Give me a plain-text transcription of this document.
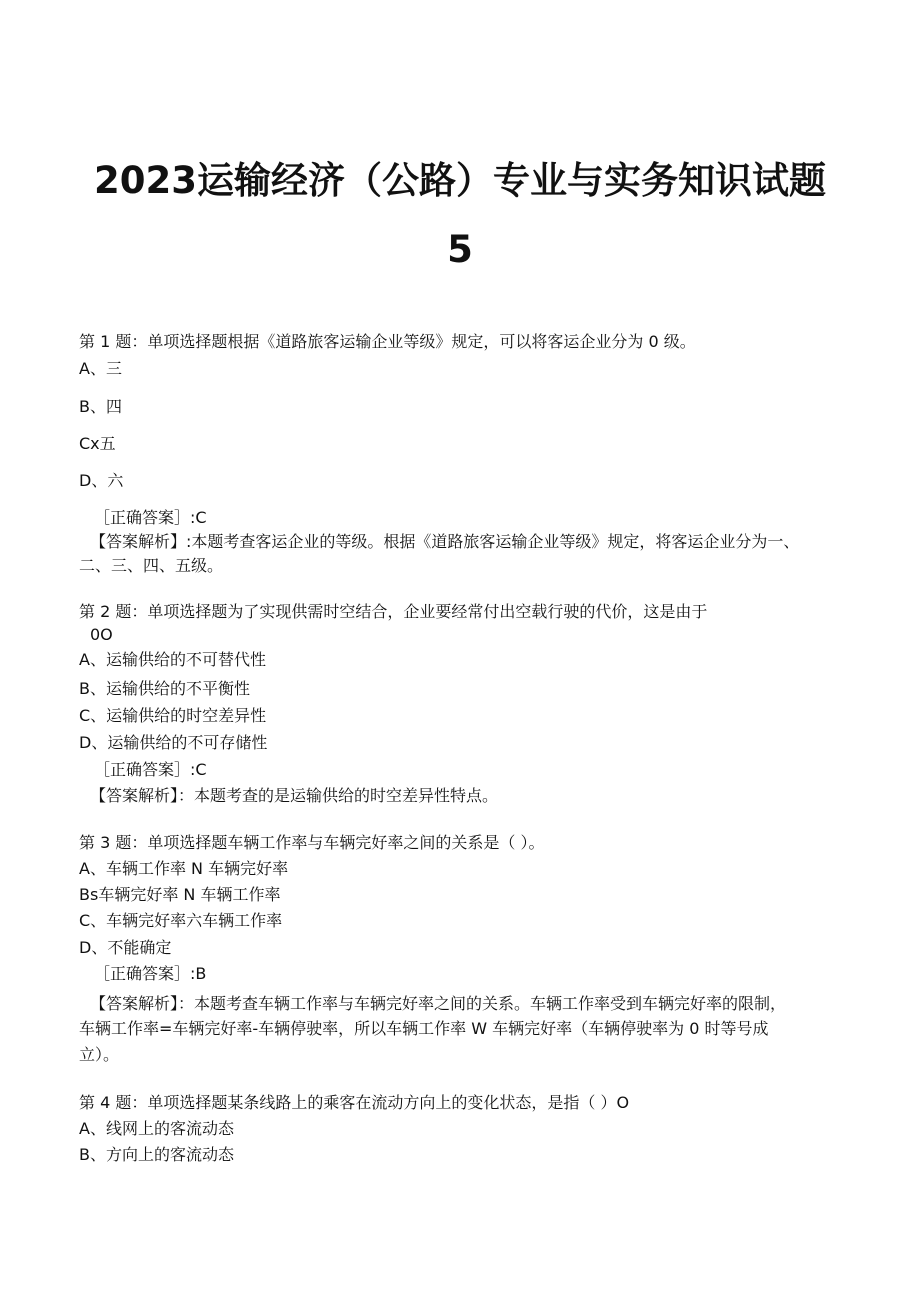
2023运输经济（公路）专业与实务知识试题
5
第 1 题：单项选择题根据《道路旅客运输企业等级》规定，可以将客运企业分为 0 级。
A、三
B、四
Cx五
D、六
［正确答案］:C
【答案解析】:本题考查客运企业的等级。根据《道路旅客运输企业等级》规定，将客运企业分为一、
二、三、四、五级。
第 2 题：单项选择题为了实现供需时空结合，企业要经常付出空载行驶的代价，这是由于
0O
A、运输供给的不可替代性
B、运输供给的不平衡性
C、运输供给的时空差异性
D、运输供给的不可存储性
［正确答案］:C
【答案解析】：本题考查的是运输供给的时空差异性特点。
第 3 题：单项选择题车辆工作率与车辆完好率之间的关系是（ ）。
A、车辆工作率 N 车辆完好率
Bs车辆完好率 N 车辆工作率
C、车辆完好率六车辆工作率
D、不能确定
［正确答案］:B
【答案解析】：本题考查车辆工作率与车辆完好率之间的关系。车辆工作率受到车辆完好率的限制，
车辆工作率=车辆完好率-车辆停驶率，所以车辆工作率 W 车辆完好率（车辆停驶率为 0 时等号成
立）。
第 4 题：单项选择题某条线路上的乘客在流动方向上的变化状态，是指（ ）O
A、线网上的客流动态
B、方向上的客流动态
